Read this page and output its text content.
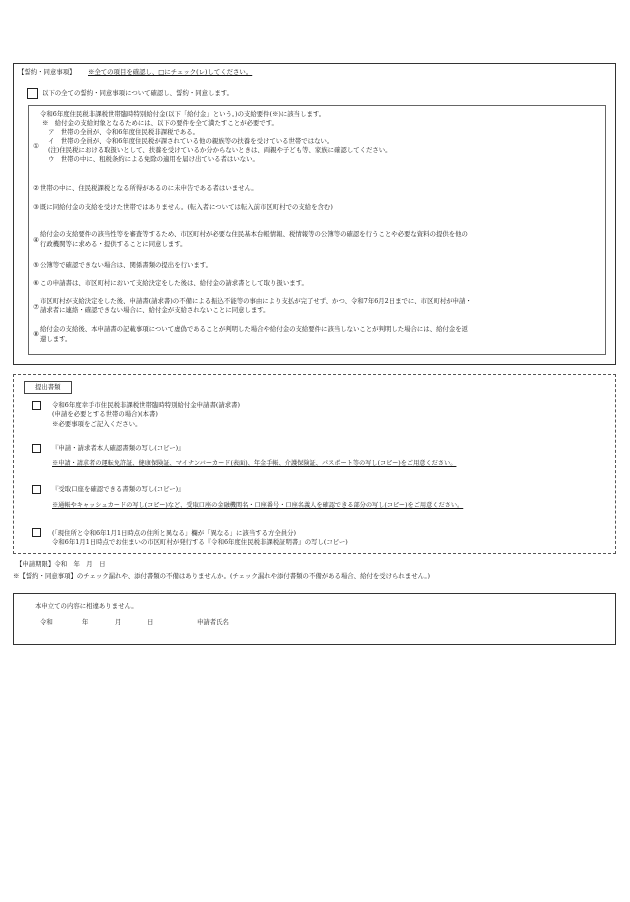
【誓約・同意事項】 ※全ての項目を確認し、□にチェック(レ)してください。
以下の全ての誓約・同意事項について確認し、誓約・同意します。
①
令和6年度住民税非課税世帯臨時特別給付金(以下「給付金」という。)の支給要件(※)に該当します。
※　給付金の支給対象となるためには、以下の要件を全て満たすことが必要です。
ア　世帯の全員が、令和6年度住民税非課税である。
イ　世帯の全員が、令和6年度住民税が課されている他の親族等の扶養を受けている世帯ではない。
(注)住民税における取扱いとして、扶養を受けているか分からないときは、両親や子ども等、家族に確認してください。
ウ　世帯の中に、租税条約による免除の適用を届け出ている者はいない。
② 世帯の中に、住民税課税となる所得があるのに未申告である者はいません。
③ 既に同給付金の支給を受けた世帯ではありません。(転入者については転入前市区町村での支給を含む)
④
給付金の支給要件の該当性等を審査等するため、市区町村が必要な住民基本台帳情報、税情報等の公簿等の確認を行うことや必要な資料の提供を他の
行政機関等に求める・提供することに同意します。
⑤ 公簿等で確認できない場合は、関係書類の提出を行います。
⑥ この申請書は、市区町村において支給決定をした後は、給付金の請求書として取り扱います。
⑦
市区町村が支給決定をした後、申請書(請求書)の不備による振込不能等の事由により支払が完了せず、かつ、令和7年6月2日までに、市区町村が申請・
請求者に連絡・確認できない場合に、給付金が支給されないことに同意します。
⑧
給付金の支給後、本申請書の記載事項について虚偽であることが判明した場合や給付金の支給要件に該当しないことが判明した場合には、給付金を返
還します。
提出書類
令和6年度幸手市住民税非課税世帯臨時特別給付金申請書(請求書)
(申請を必要とする世帯の場合)(本書)
※必要事項をご記入ください。
『申請・請求者本人確認書類の写し(コピー)』
※申請・請求者の運転免許証、健康保険証、マイナンバーカード(表面)、年金手帳、介護保険証、パスポート等の写し(コピー)をご用意ください。
『受取口座を確認できる書類の写し(コピー)』
※通帳やキャッシュカードの写し(コピー)など、受取口座の金融機関名・口座番号・口座名義人を確認できる部分の写し(コピー)をご用意ください。
(「現住所と令和6年1月1日時点の住所と異なる」欄が「異なる」に該当する方全員分)
令和6年1月1日時点でお住まいの市区町村が発行する『令和6年度住民税非課税証明書』の写し(コピー)
【申請期限】令和　年　月　日
※【誓約・同意事項】のチェック漏れや、添付書類の不備はありませんか。(チェック漏れや添付書類の不備がある場合、給付を受けられません。)
本申立ての内容に相違ありません。
令和	年	月	日	申請者氏名
